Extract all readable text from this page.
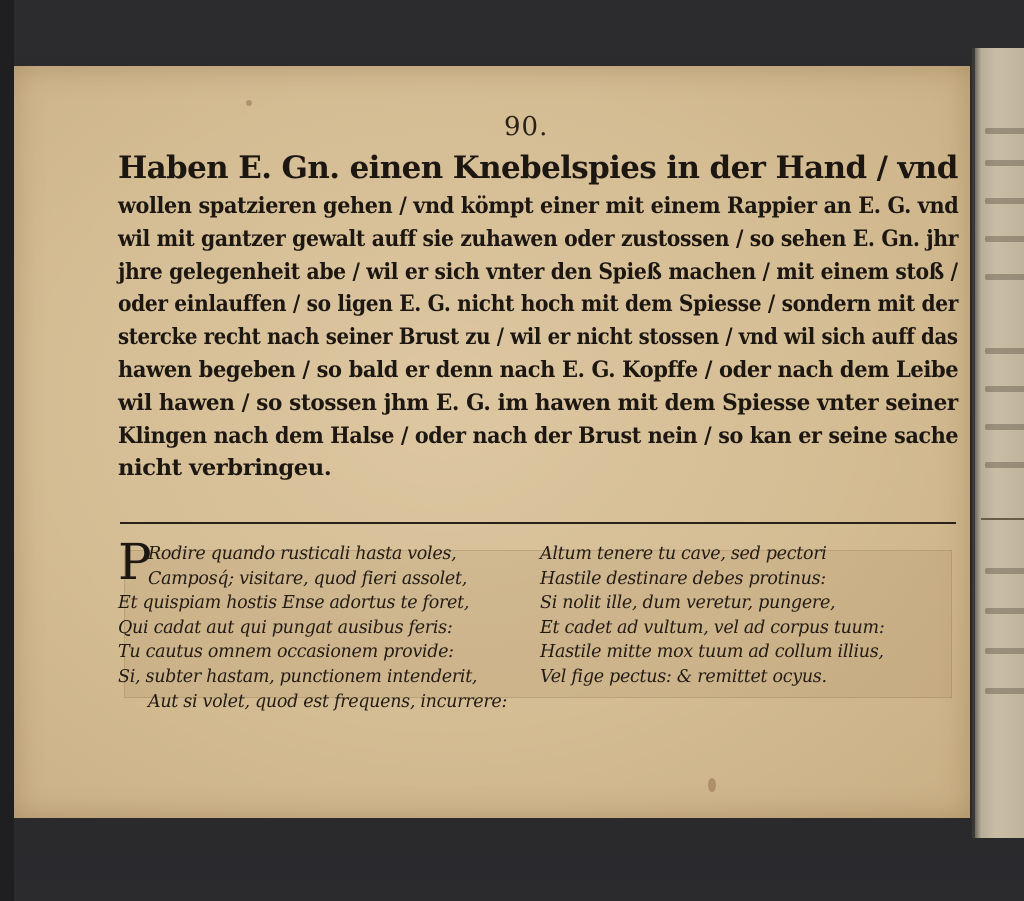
90.
Haben E. Gn. einen Knebelspies in der Hand / vnd
wollen spatzieren gehen / vnd kömpt einer mit einem Rappier an E. G. vnd
wil mit gantzer gewalt auff sie zuhawen oder zustossen / so sehen E. Gn. jhr
jhre gelegenheit abe / wil er sich vnter den Spieß machen / mit einem stoß /
oder einlauffen / so ligen E. G. nicht hoch mit dem Spiesse / sondern mit der
stercke recht nach seiner Brust zu / wil er nicht stossen / vnd wil sich auff das
hawen begeben / so bald er denn nach E. G. Kopffe / oder nach dem Leibe
wil hawen / so stossen jhm E. G. im hawen mit dem Spiesse vnter seiner
Klingen nach dem Halse / oder nach der Brust nein / so kan er seine sache
nicht verbringeu.
P
Rodire quando rusticali hasta voles,
Camposq́; visitare, quod fieri assolet,
Et quispiam hostis Ense adortus te foret,
Qui cadat aut qui pungat ausibus feris:
Tu cautus omnem occasionem provide:
Si, subter hastam, punctionem intenderit,
Aut si volet, quod est frequens, incurrere:
Altum tenere tu cave, sed pectori
Hastile destinare debes protinus:
Si nolit ille, dum veretur, pungere,
Et cadet ad vultum, vel ad corpus tuum:
Hastile mitte mox tuum ad collum illius,
Vel fige pectus: & remittet ocyus.
